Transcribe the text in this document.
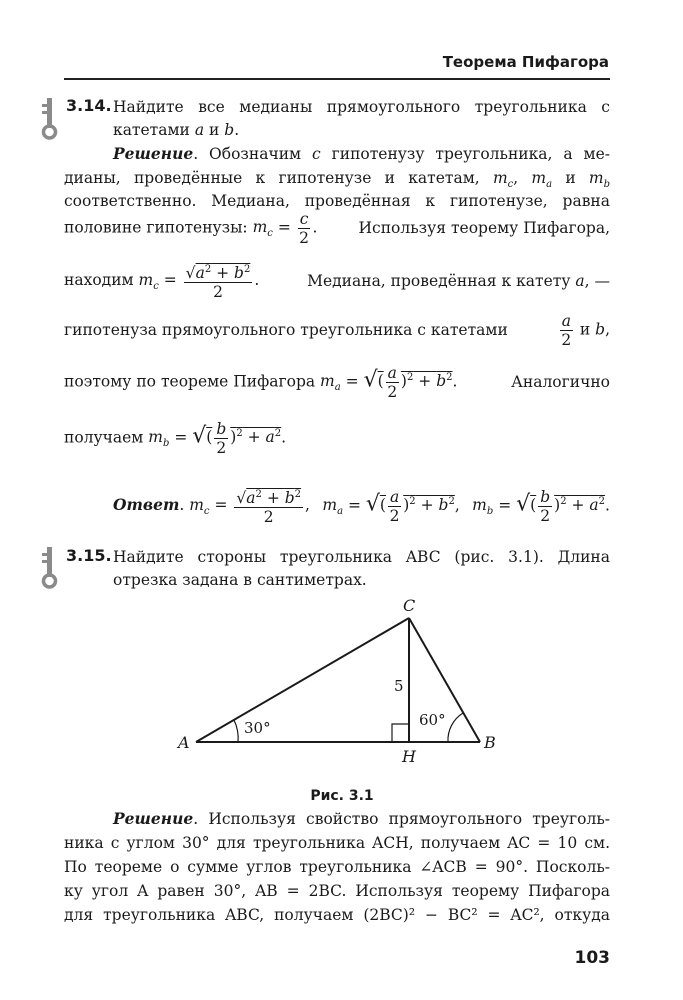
Теорема Пифагора
3.14. Найдите все медианы прямоугольного треугольника с
катетами a и b.
Решение. Обозначим c гипотенузу треугольника, а ме-
дианы, проведённые к гипотенузе и катетам, $m_c$, $m_a$ и $m_b$
соответственно. Медиана, проведённая к гипотенузе, равна
половине гипотенузы: $m_c = \frac{c}{2}$ .	Используя теорему Пифагора,
находим $m_c = \frac{√a^2 + b^2}{2}$ .	Медиана, проведённая к катету a, —
гипотенуза прямоугольного треугольника с катетами	$\frac{a}{2}$ и b,
поэтому по теореме Пифагора $m_a$ = √( $\frac{a}{2} )^2 + b^2$.	Аналогично
получаем $m_b$ = √( $\frac{b}{2} )^2 + a^2$.
Ответ. $m_c = \frac{√a^2 + b^2}{2}$ , $m_a$ = √( $\frac{a}{2} )^2 + b^2$, $m_b$ = √( $\frac{b}{2} )^2 + a^2$.
3.15. Найдите стороны треугольника ABC (рис. 3.1). Длина
отрезка задана в сантиметрах.
A	B
C
H
5
30°	60°
Рис. 3.1
Решение. Используя свойство прямоугольного треуголь-
ника с углом 30° для треугольника ACH, получаем AC = 10 см.
По теореме о сумме углов треугольника ∠ACB = 90°. Посколь-
ку угол A равен 30°, AB = 2BC. Используя теорему Пифагора
для треугольника ABC, получаем (2BC)² − BC² = AC², откуда
103
